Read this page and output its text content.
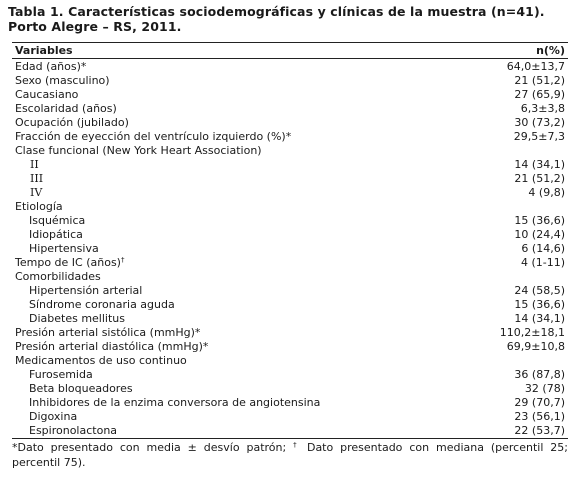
Tabla 1. Características sociodemográficas y clínicas de la muestra (n=41).
Porto Alegre – RS, 2011.
Variables	n(%)
Edad (años)*	64,0±13,7
Sexo (masculino)	21 (51,2)
Caucasiano	27 (65,9)
Escolaridad (años)	6,3±3,8
Ocupación (jubilado)	30 (73,2)
Fracción de eyección del ventrículo izquierdo (%)*	29,5±7,3
Clase funcional (New York Heart Association)
II	14 (34,1)
III	21 (51,2)
IV	4 (9,8)
Etiología
Isquémica	15 (36,6)
Idiopática	10 (24,4)
Hipertensiva	6 (14,6)
Tempo de IC (años)†	4 (1-11)
Comorbilidades
Hipertensión arterial	24 (58,5)
Síndrome coronaria aguda	15 (36,6)
Diabetes mellitus	14 (34,1)
Presión arterial sistólica (mmHg)*	110,2±18,1
Presión arterial diastólica (mmHg)*	69,9±10,8
Medicamentos de uso continuo
Furosemida	36 (87,8)
Beta bloqueadores	32 (78)
Inhibidores de la enzima conversora de angiotensina	29 (70,7)
Digoxina	23 (56,1)
Espironolactona	22 (53,7)
*Dato presentado con media ± desvío patrón; † Dato presentado con mediana (percentil 25; percentil 75).
